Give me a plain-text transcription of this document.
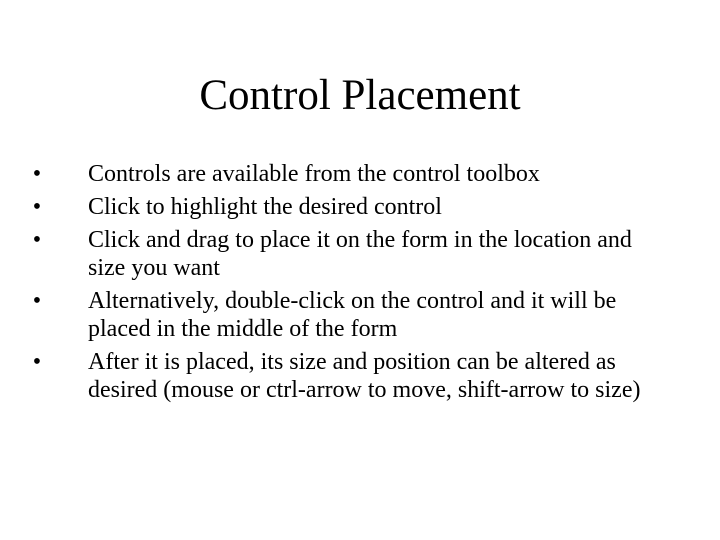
Control Placement
• Controls are available from the control toolbox
• Click to highlight the desired control
• Click and drag to place it on the form in the location and size you want
• Alternatively, double-click on the control and it will be placed in the middle of the form
• After it is placed, its size and position can be altered as desired (mouse or ctrl-arrow to move, shift-arrow to size)
